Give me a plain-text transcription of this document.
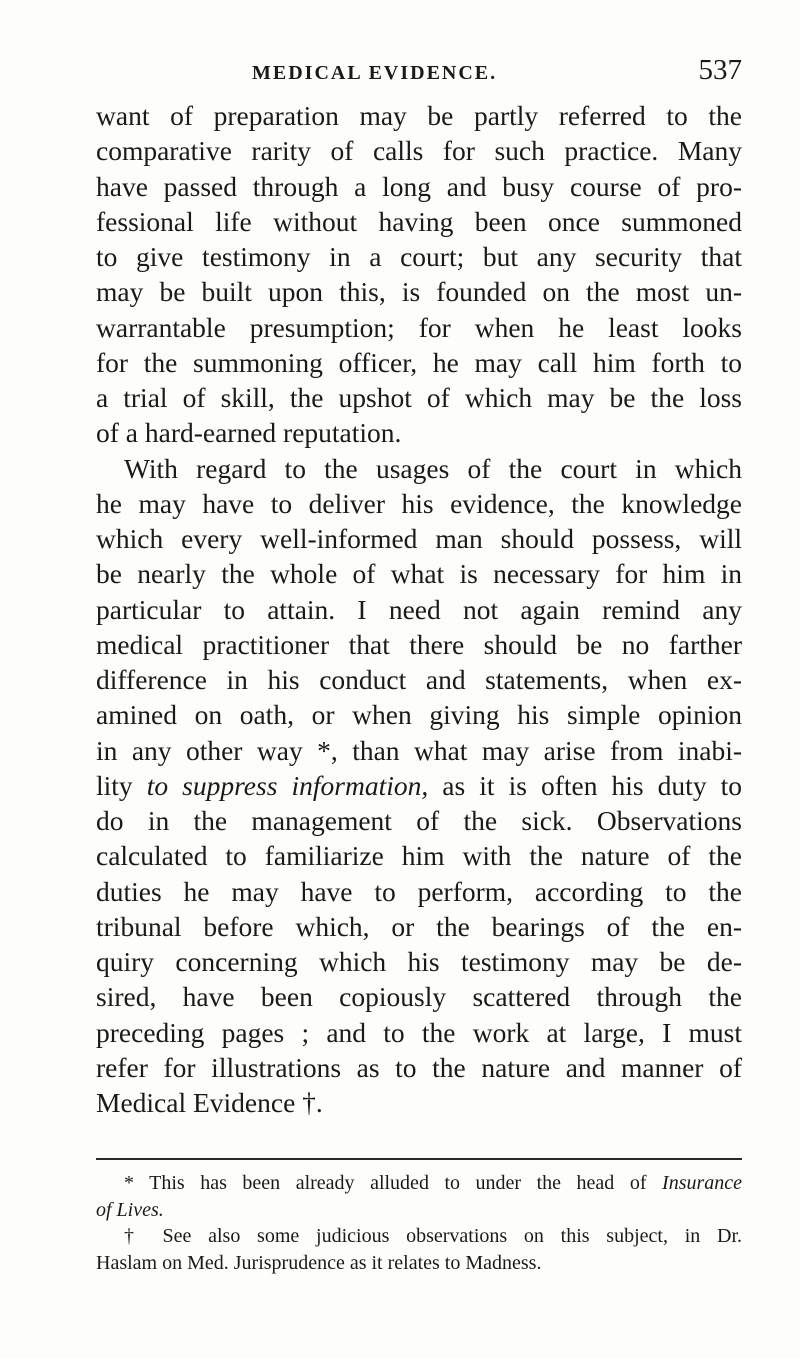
MEDICAL EVIDENCE.	537
want of preparation may be partly referred to the
comparative rarity of calls for such practice. Many
have passed through a long and busy course of pro-
fessional life without having been once summoned
to give testimony in a court; but any security that
may be built upon this, is founded on the most un-
warrantable presumption; for when he least looks
for the summoning officer, he may call him forth to
a trial of skill, the upshot of which may be the loss
of a hard-earned reputation.
With regard to the usages of the court in which
he may have to deliver his evidence, the knowledge
which every well-informed man should possess, will
be nearly the whole of what is necessary for him in
particular to attain. I need not again remind any
medical practitioner that there should be no farther
difference in his conduct and statements, when ex-
amined on oath, or when giving his simple opinion
in any other way *, than what may arise from inabi-
lity to suppress information, as it is often his duty to
do in the management of the sick. Observations
calculated to familiarize him with the nature of the
duties he may have to perform, according to the
tribunal before which, or the bearings of the en-
quiry concerning which his testimony may be de-
sired, have been copiously scattered through the
preceding pages ; and to the work at large, I must
refer for illustrations as to the nature and manner of
Medical Evidence †.
* This has been already alluded to under the head of Insurance
of Lives.
† See also some judicious observations on this subject, in Dr.
Haslam on Med. Jurisprudence as it relates to Madness.
